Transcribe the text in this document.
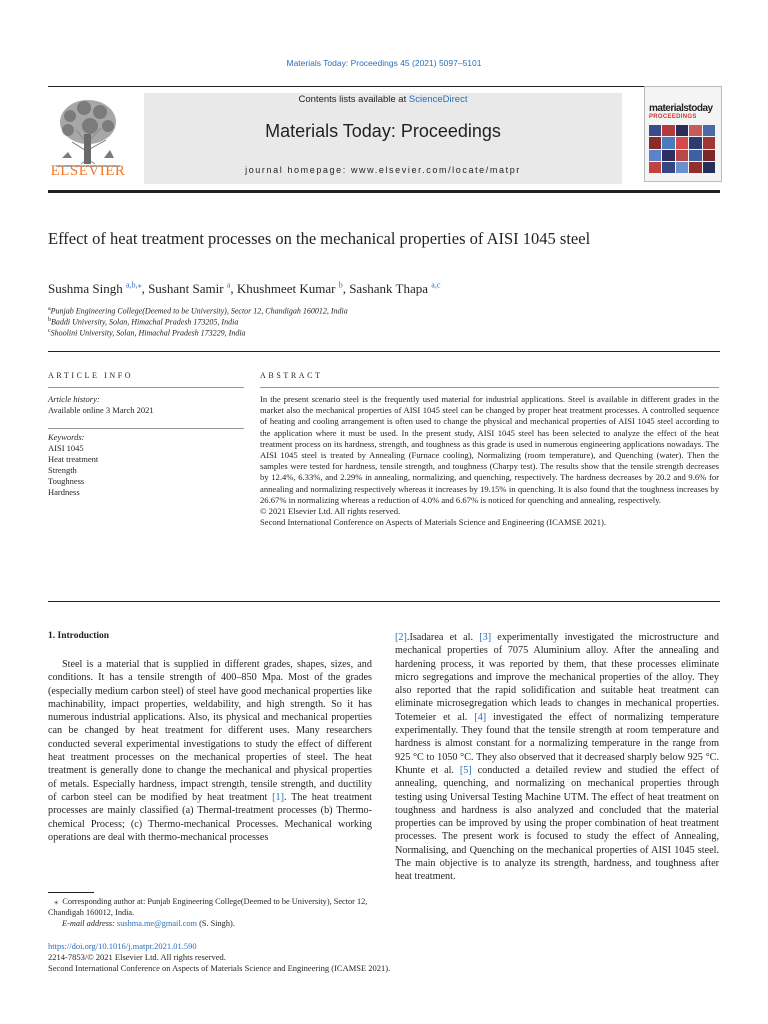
Materials Today: Proceedings 45 (2021) 5097–5101
ELSEVIER
Contents lists available at ScienceDirect
Materials Today: Proceedings
journal homepage: www.elsevier.com/locate/matpr
materialstoday
PROCEEDINGS
Effect of heat treatment processes on the mechanical properties of AISI 1045 steel
Sushma Singh $^{a,b,⁎}$, Sushant Samir $^a$, Khushmeet Kumar $^b$, Sashank Thapa $^{a,c}$
$^a$Punjab Engineering College(Deemed to be University), Sector 12, Chandigah 160012, India
$^b$Baddi University, Solan, Himachal Pradesh 173205, India
$^c$Shoolini University, Solan, Himachal Pradesh 173229, India
ARTICLE INFO
Article history:
Available online 3 March 2021
Keywords:
AISI 1045
Heat treatment
Strength
Toughness
Hardness
ABSTRACT

In the present scenario steel is the frequently used material for industrial applications. Steel is available in different grades in the market also the mechanical properties of AISI 1045 steel can be changed by proper heat treatment processes. A controlled sequence of heating and cooling arrangement is often used to change the physical and mechanical properties of AISI 1045 steel according to the application where it must be used. In the present study, AISI 1045 steel has been selected to analyze the effect of the heat treatment process on its hardness, strength, and toughness as this grade is used in numerous engineering applications nowadays. The AISI 1045 steel is treated by Annealing (Furnace cooling), Normalizing (room temperature), and Quenching (water). Then the samples were tested for hardness, tensile strength, and toughness (Charpy test). The results show that the tensile strength decreases by 12.4%, 6.33%, and 2.29% in annealing, normalizing, and quenching, respectively. The hardness decreases by 20.2 and 9.6% for annealing and normalizing respectively whereas it increases by 19.15% in quenching. It is also found that the toughness increases by 26.67% in normalizing whereas a reduction of 4.0% and 6.67% is noticed for quenching and annealing, respectively.

© 2021 Elsevier Ltd. All rights reserved.

Second International Conference on Aspects of Materials Science and Engineering (ICAMSE 2021).

1. Introduction

Steel is a material that is supplied in different grades, shapes, sizes, and conditions. It has a tensile strength of 400–850 Mpa. Most of the grades (especially medium carbon steel) of steel have good mechanical properties like machinability, impact properties, weldability, and high strength. So it has numerous industrial applications. Also, its physical and mechanical properties can be changed by heat treatment for different uses. Many researchers conducted several experimental investigations to study the effect of different heat treatment processes on the mechanical properties of steel. The heat treatment is generally done to change the mechanical and physical properties of metals. Especially hardness, impact strength, tensile strength, and ductility of carbon steel can be modified by heat treatment [1]. The heat treatment processes are mainly classified (a) Thermal-treatment processes (b) Thermo-chemical Process; (c) Thermo-mechanical Processes. Mechanical working operations are deal with thermo-mechanical processes

[2].Isadarea et al. [3] experimentally investigated the microstructure and mechanical properties of 7075 Aluminium alloy. After the annealing and hardening process, it was reported by them, that these processes eliminate micro segregations and improve the mechanical properties of the alloy. They also reported that the rapid solidification and suitable heat treatment can eliminate microsegregation which leads to changes in mechanical properties. Totemeier et al. [4] investigated the effect of normalizing temperature experimentally. They found that the tensile strength at room temperature and hardness is almost constant for a normalizing temperature in the range from 925 °C to 1050 °C. They also observed that it decreased sharply below 925 °C. Khunte et al. [5] conducted a detailed review and studied the effect of annealing, quenching, and normalizing on mechanical properties through testing using Universal Testing Machine UTM. The effect of heat treatment on toughness and hardness is also analyzed and concluded that the material properties can be improved by using the proper combination of heat treatment processes. The present work is focused to study the effect of Annealing, Normalising, and Quenching on the mechanical properties of AISI 1045 steel. The main objective is to analyze its strength, hardness, and toughness after heat treatment.

⁎ Corresponding author at: Punjab Engineering College(Deemed to be University), Sector 12, Chandigah 160012, India.
E-mail address: sushma.me@gmail.com (S. Singh).
https://doi.org/10.1016/j.matpr.2021.01.590
2214-7853/© 2021 Elsevier Ltd. All rights reserved.
Second International Conference on Aspects of Materials Science and Engineering (ICAMSE 2021).
